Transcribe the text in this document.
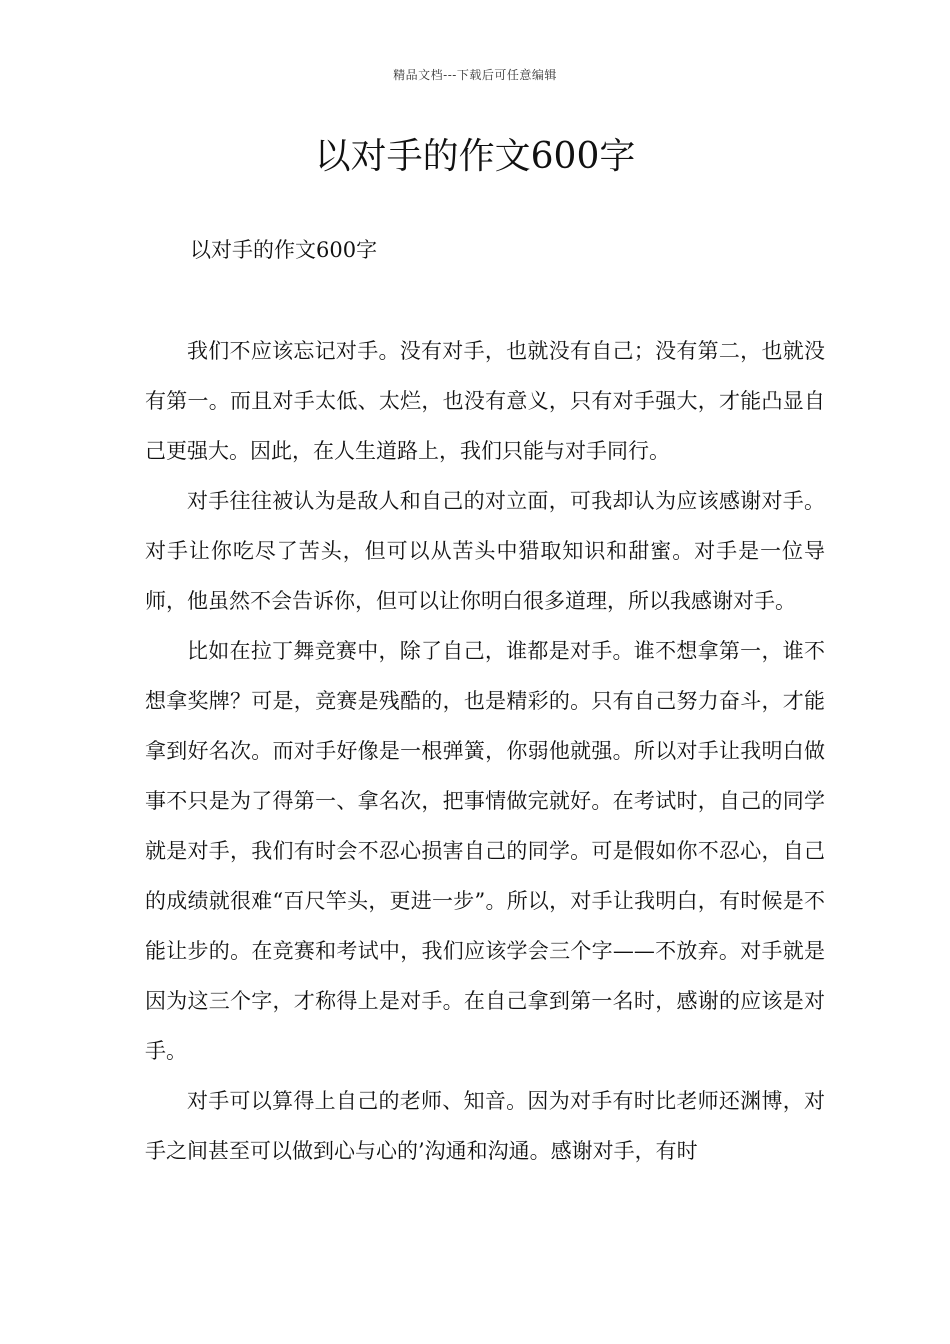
精品文档---下载后可任意编辑
以对手的作文600字

以对手的作文600字

我们不应该忘记对手。没有对手，也就没有自己；没有第二，也就没有第一。而且对手太低、太烂，也没有意义，只有对手强大，才能凸显自己更强大。因此，在人生道路上，我们只能与对手同行。

对手往往被认为是敌人和自己的对立面，可我却认为应该感谢对手。对手让你吃尽了苦头，但可以从苦头中猎取知识和甜蜜。对手是一位导师，他虽然不会告诉你，但可以让你明白很多道理，所以我感谢对手。

比如在拉丁舞竞赛中，除了自己，谁都是对手。谁不想拿第一，谁不想拿奖牌？可是，竞赛是残酷的，也是精彩的。只有自己努力奋斗，才能拿到好名次。而对手好像是一根弹簧，你弱他就强。所以对手让我明白做事不只是为了得第一、拿名次，把事情做完就好。在考试时，自己的同学就是对手，我们有时会不忍心损害自己的同学。可是假如你不忍心，自己的成绩就很难“百尺竿头，更进一步”。所以，对手让我明白，有时候是不能让步的。在竞赛和考试中，我们应该学会三个字——不放弃。对手就是因为这三个字，才称得上是对手。在自己拿到第一名时，感谢的应该是对手。

对手可以算得上自己的老师、知音。因为对手有时比老师还渊博，对手之间甚至可以做到心与心的’沟通和沟通。感谢对手，有时
